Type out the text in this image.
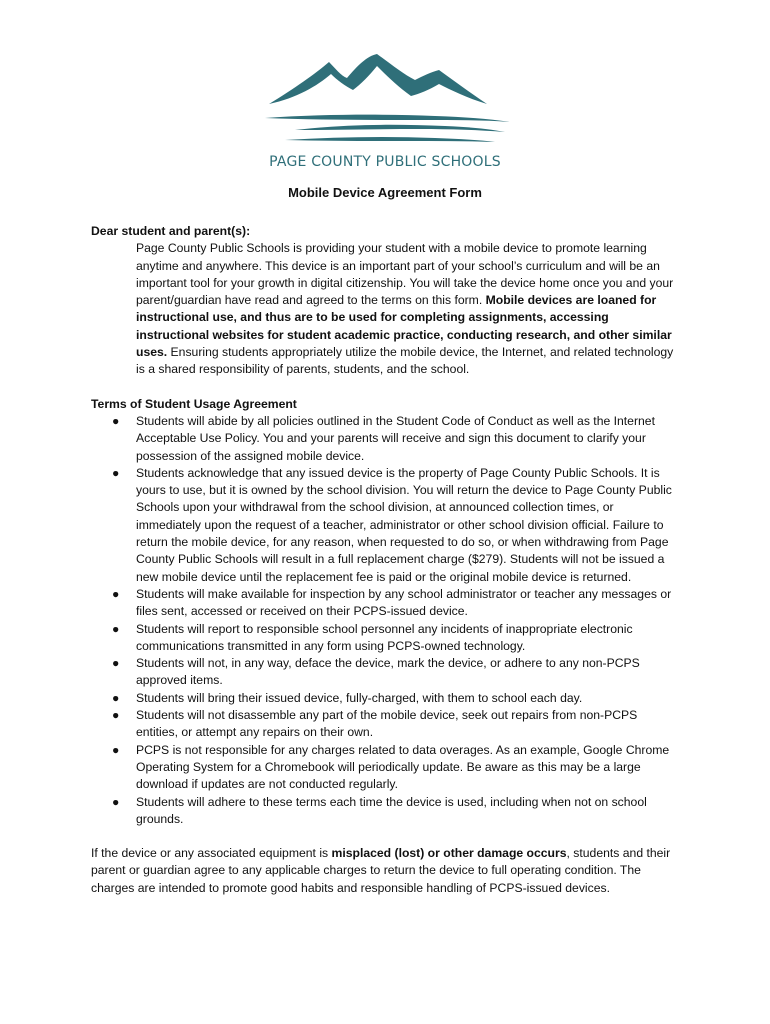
PAGE COUNTY PUBLIC SCHOOLS
Mobile Device Agreement Form

Dear student and parent(s):

Page County Public Schools is providing your student with a mobile device to promote learning anytime and anywhere. This device is an important part of your school’s curriculum and will be an important tool for your growth in digital citizenship. You will take the device home once you and your parent/guardian have read and agreed to the terms on this form. Mobile devices are loaned for instructional use, and thus are to be used for completing assignments, accessing instructional websites for student academic practice, conducting research, and other similar uses. Ensuring students appropriately utilize the mobile device, the Internet, and related technology is a shared responsibility of parents, students, and the school.

Terms of Student Usage Agreement

● Students will abide by all policies outlined in the Student Code of Conduct as well as the Internet Acceptable Use Policy. You and your parents will receive and sign this document to clarify your possession of the assigned mobile device.
● Students acknowledge that any issued device is the property of Page County Public Schools. It is yours to use, but it is owned by the school division. You will return the device to Page County Public Schools upon your withdrawal from the school division, at announced collection times, or immediately upon the request of a teacher, administrator or other school division official. Failure to return the mobile device, for any reason, when requested to do so, or when withdrawing from Page County Public Schools will result in a full replacement charge ($279). Students will not be issued a new mobile device until the replacement fee is paid or the original mobile device is returned.
● Students will make available for inspection by any school administrator or teacher any messages or files sent, accessed or received on their PCPS-issued device.
● Students will report to responsible school personnel any incidents of inappropriate electronic communications transmitted in any form using PCPS-owned technology.
● Students will not, in any way, deface the device, mark the device, or adhere to any non-PCPS approved items.
● Students will bring their issued device, fully-charged, with them to school each day.
● Students will not disassemble any part of the mobile device, seek out repairs from non-PCPS entities, or attempt any repairs on their own.
● PCPS is not responsible for any charges related to data overages. As an example, Google Chrome Operating System for a Chromebook will periodically update. Be aware as this may be a large download if updates are not conducted regularly.
● Students will adhere to these terms each time the device is used, including when not on school grounds.

If the device or any associated equipment is misplaced (lost) or other damage occurs, students and their parent or guardian agree to any applicable charges to return the device to full operating condition. The charges are intended to promote good habits and responsible handling of PCPS-issued devices.
